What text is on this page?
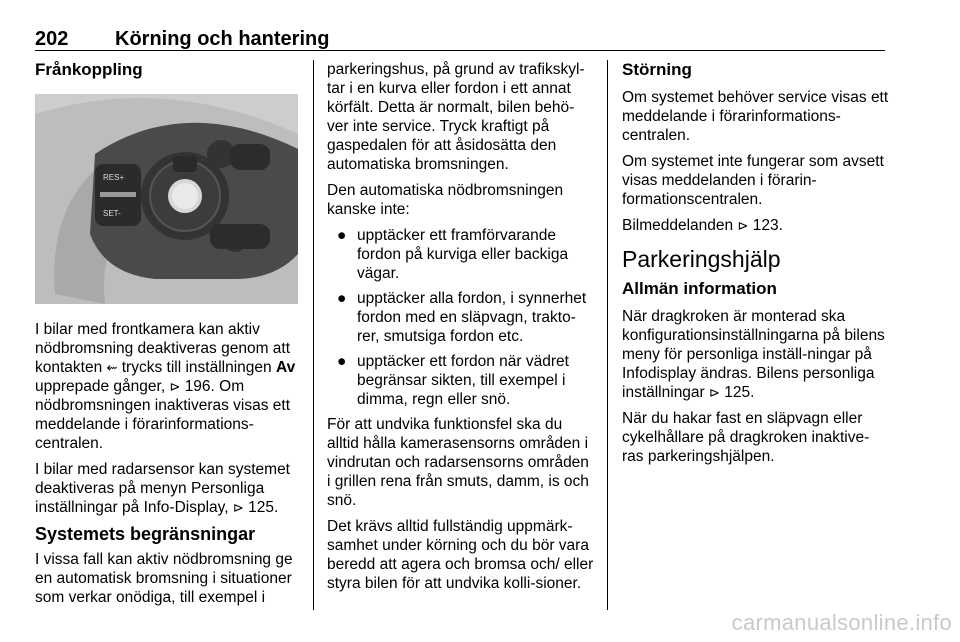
202 Körning och hantering
Frånkoppling
RES+
SET-

I bilar med frontkamera kan aktiv nödbromsning deaktiveras genom att kontakten ⇜ trycks till inställningen Av upprepade gånger, ⊳ 196. Om nödbromsningen inaktiveras visas ett meddelande i förarinformations-centralen.

I bilar med radarsensor kan systemet deaktiveras på menyn Personliga inställningar på Info-Display, ⊳ 125.

Systemets begränsningar

I vissa fall kan aktiv nödbromsning ge en automatisk bromsning i situationer som verkar onödiga, till exempel i

parkeringshus, på grund av trafikskyl-tar i en kurva eller fordon i ett annat körfält. Detta är normalt, bilen behö-ver inte service. Tryck kraftigt på gaspedalen för att åsidosätta den automatiska bromsningen.

Den automatiska nödbromsningen kanske inte:

● upptäcker ett framförvarande fordon på kurviga eller backiga vägar.
● upptäcker alla fordon, i synnerhet fordon med en släpvagn, trakto-rer, smutsiga fordon etc.
● upptäcker ett fordon när vädret begränsar sikten, till exempel i dimma, regn eller snö.

För att undvika funktionsfel ska du alltid hålla kamerasensorns områden i vindrutan och radarsensorns områden i grillen rena från smuts, damm, is och snö.

Det krävs alltid fullständig uppmärk-samhet under körning och du bör vara beredd att agera och bromsa och/ eller styra bilen för att undvika kolli-sioner.

Störning

Om systemet behöver service visas ett meddelande i förarinformations-centralen.

Om systemet inte fungerar som avsett visas meddelanden i förarin-formationscentralen.

Bilmeddelanden ⊳ 123.

Parkeringshjälp
Allmän information

När dragkroken är monterad ska konfigurationsinställningarna på bilens meny för personliga inställ-ningar på Infodisplay ändras. Bilens personliga inställningar ⊳ 125.

När du hakar fast en släpvagn eller cykelhållare på dragkroken inaktive-ras parkeringshjälpen.

carmanualsonline.info
